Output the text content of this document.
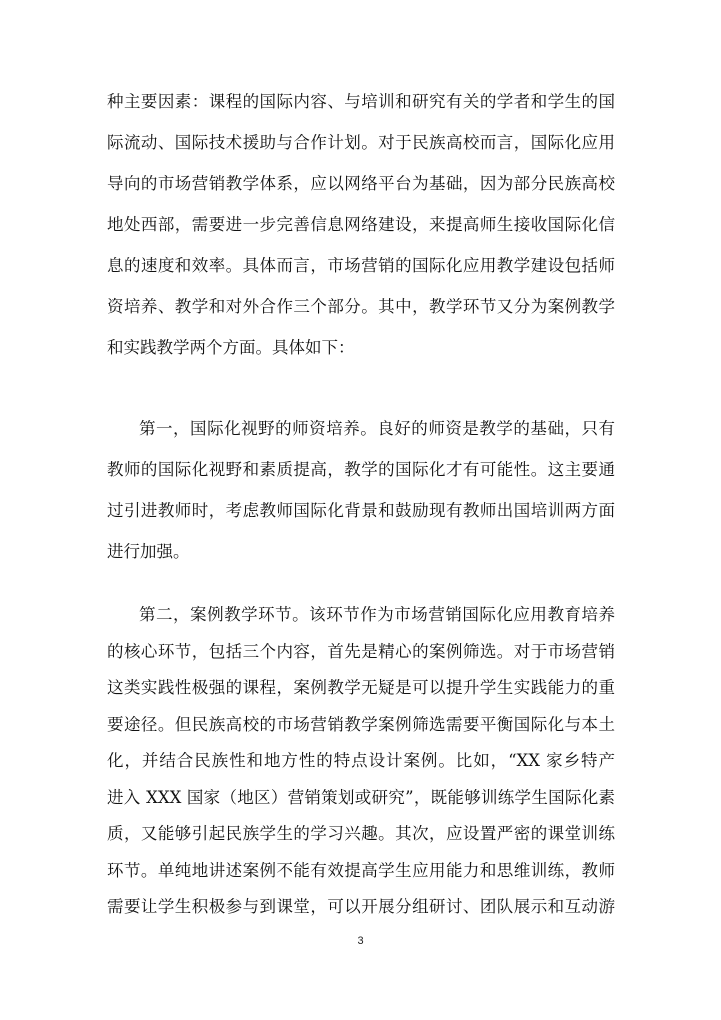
种主要因素：课程的国际内容、与培训和研究有关的学者和学生的国
际流动、国际技术援助与合作计划。对于民族高校而言，国际化应用
导向的市场营销教学体系，应以网络平台为基础，因为部分民族高校
地处西部，需要进一步完善信息网络建设，来提高师生接收国际化信
息的速度和效率。具体而言，市场营销的国际化应用教学建设包括师
资培养、教学和对外合作三个部分。其中，教学环节又分为案例教学
和实践教学两个方面。具体如下：
第一，国际化视野的师资培养。良好的师资是教学的基础，只有
教师的国际化视野和素质提高，教学的国际化才有可能性。这主要通
过引进教师时，考虑教师国际化背景和鼓励现有教师出国培训两方面
进行加强。
第二，案例教学环节。该环节作为市场营销国际化应用教育培养
的核心环节，包括三个内容，首先是精心的案例筛选。对于市场营销
这类实践性极强的课程，案例教学无疑是可以提升学生实践能力的重
要途径。但民族高校的市场营销教学案例筛选需要平衡国际化与本土
化，并结合民族性和地方性的特点设计案例。比如，“XX 家乡特产
进入 XXX 国家（地区）营销策划或研究”，既能够训练学生国际化素
质，又能够引起民族学生的学习兴趣。其次，应设置严密的课堂训练
环节。单纯地讲述案例不能有效提高学生应用能力和思维训练，教师
需要让学生积极参与到课堂，可以开展分组研讨、团队展示和互动游
3
